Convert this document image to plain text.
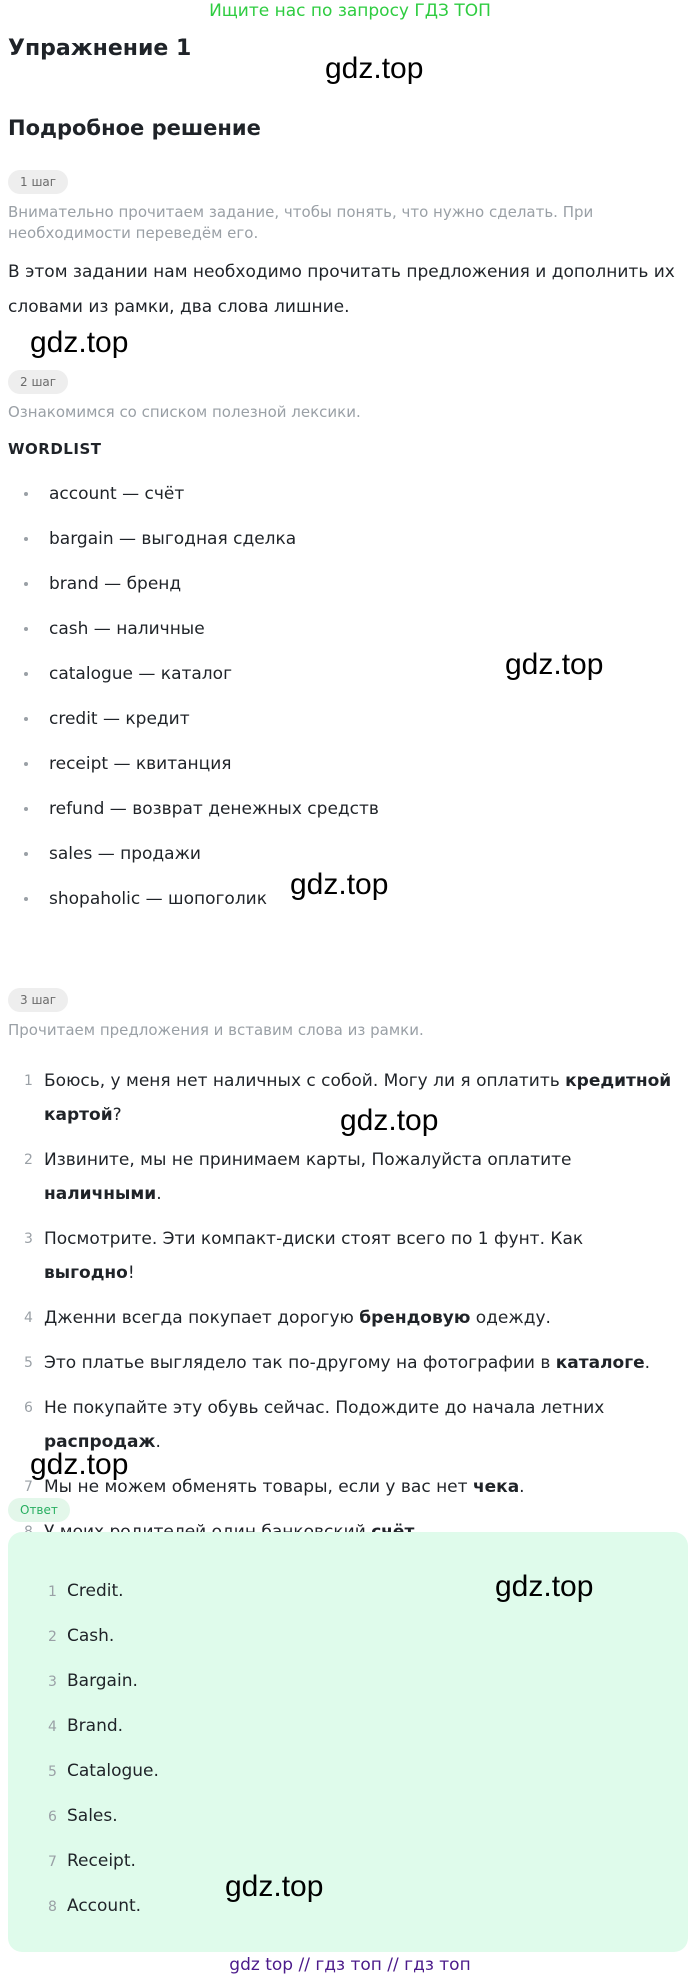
Ищите нас по запросу ГДЗ ТОП
Упражнение 1
gdz.top
Подробное решение
1 шаг
Внимательно прочитаем задание, чтобы понять, что нужно сделать. При необходимости переведём его.
В этом задании нам необходимо прочитать предложения и дополнить их
словами из рамки, два слова лишние.
gdz.top
2 шаг
Ознакомимся со списком полезной лексики.
WORDLIST
account — счёт
bargain — выгодная сделка
brand — бренд
cash — наличные
catalogue — каталог
credit — кредит
receipt — квитанция
refund — возврат денежных средств
sales — продажи
shopaholic — шопоголик
gdz.top
gdz.top
3 шаг
Прочитаем предложения и вставим слова из рамки.
1 Боюсь, у меня нет наличных с собой. Могу ли я оплатить кредитной картой?
2 Извините, мы не принимаем карты, Пожалуйста оплатите наличными.
3 Посмотрите. Эти компакт-диски стоят всего по 1 фунт. Как выгодно!
4 Дженни всегда покупает дорогую брендовую одежду.
5 Это платье выглядело так по-другому на фотографии в каталоге.
6 Не покупайте эту обувь сейчас. Подождите до начала летних распродаж.
7 Мы не можем обменять товары, если у вас нет чека.
gdz.top
gdz.top
Ответ
1 Credit.
2 Cash.
3 Bargain.
4 Brand.
5 Catalogue.
6 Sales.
7 Receipt.
8 Account.
gdz.top
gdz.top
gdz top // гдз топ // гдз топ
